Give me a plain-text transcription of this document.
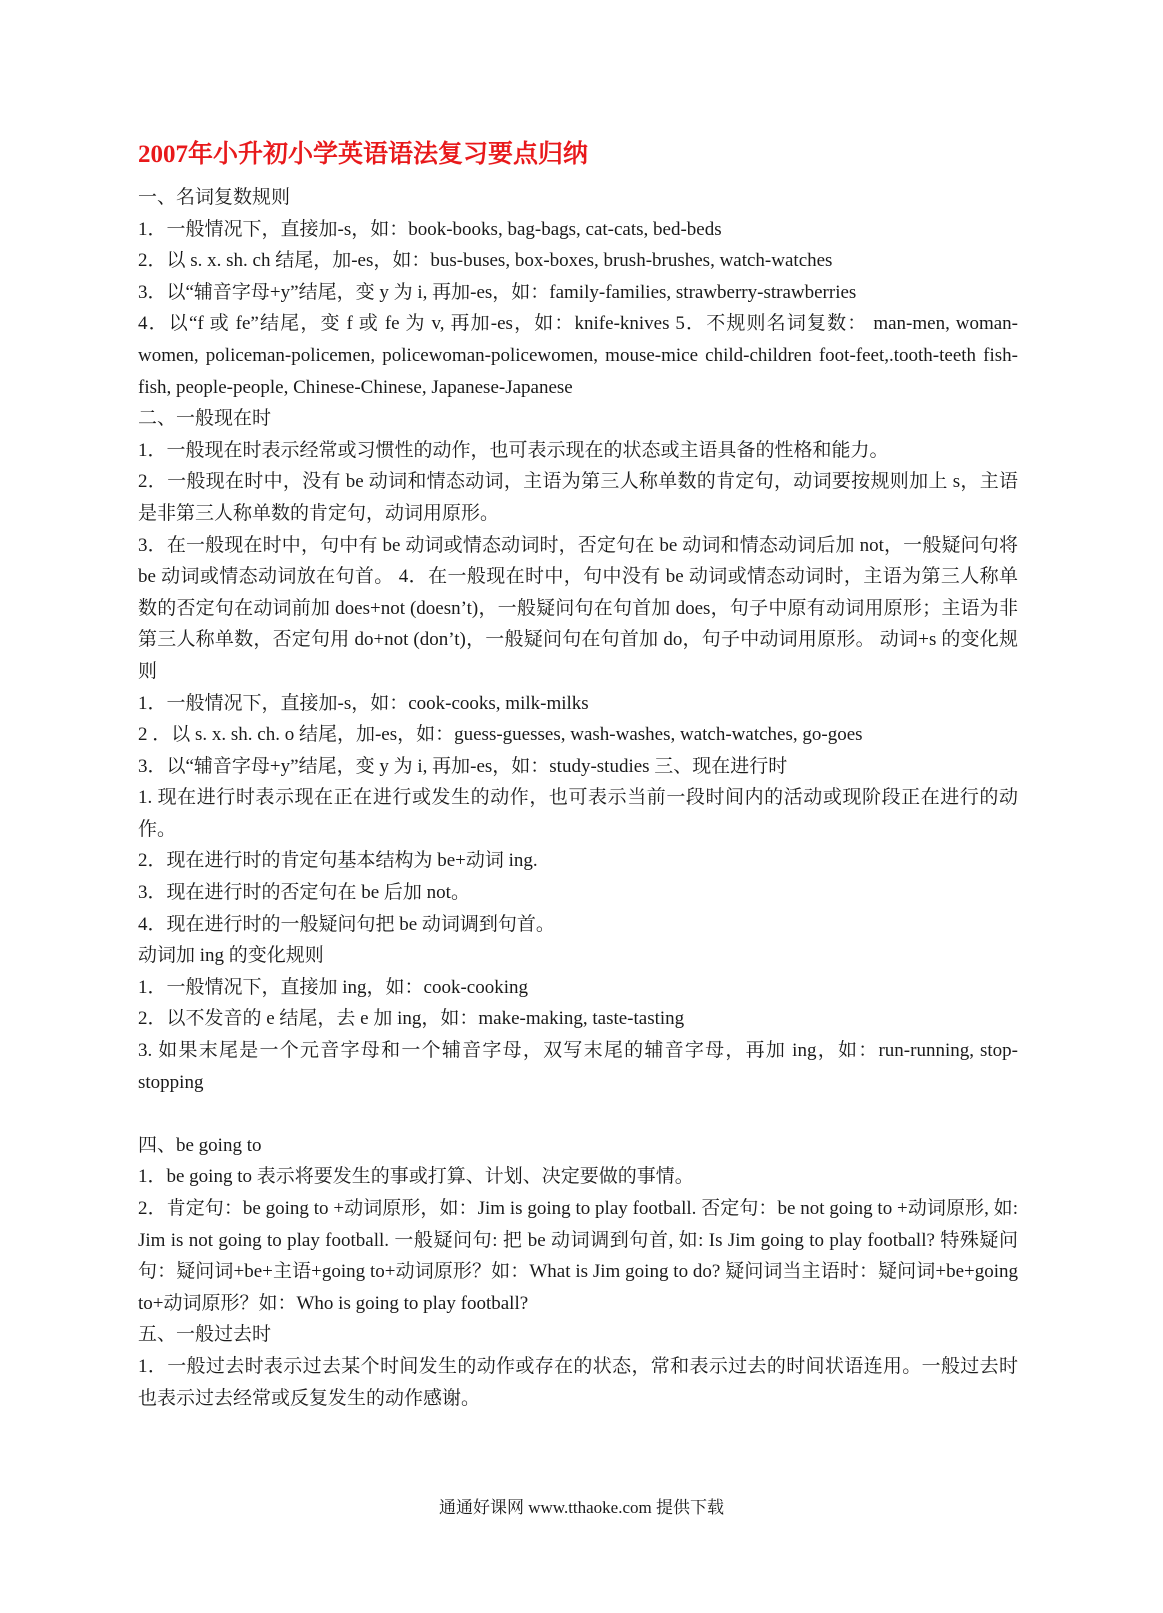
2007年小升初小学英语语法复习要点归纳

一、名词复数规则

1．一般情况下，直接加-s，如：book-books, bag-bags, cat-cats, bed-beds

2．以 s. x. sh. ch 结尾，加-es，如：bus-buses, box-boxes, brush-brushes, watch-watches

3．以“辅音字母+y”结尾，变 y 为 i, 再加-es，如：family-families, strawberry-strawberries

4．以“f 或 fe”结尾，变 f 或 fe 为 v, 再加-es，如：knife-knives 5．不规则名词复数： man-men, woman-women, policeman-policemen, policewoman-policewomen, mouse-mice child-children foot-feet,.tooth-teeth fish-fish, people-people, Chinese-Chinese, Japanese-Japanese

二、一般现在时

1．一般现在时表示经常或习惯性的动作，也可表示现在的状态或主语具备的性格和能力。

2．一般现在时中，没有 be 动词和情态动词，主语为第三人称单数的肯定句，动词要按规则加上 s，主语是非第三人称单数的肯定句，动词用原形。

3．在一般现在时中，句中有 be 动词或情态动词时，否定句在 be 动词和情态动词后加 not，一般疑问句将 be 动词或情态动词放在句首。 4．在一般现在时中，句中没有 be 动词或情态动词时，主语为第三人称单数的否定句在动词前加 does+not (doesn’t)，一般疑问句在句首加 does，句子中原有动词用原形；主语为非第三人称单数，否定句用 do+not (don’t)，一般疑问句在句首加 do，句子中动词用原形。 动词+s 的变化规则

1．一般情况下，直接加-s，如：cook-cooks, milk-milks

2 ．以 s. x. sh. ch. o 结尾，加-es，如：guess-guesses, wash-washes, watch-watches, go-goes

3．以“辅音字母+y”结尾，变 y 为 i, 再加-es，如：study-studies 三、现在进行时

1. 现在进行时表示现在正在进行或发生的动作，也可表示当前一段时间内的活动或现阶段正在进行的动作。

2．现在进行时的肯定句基本结构为 be+动词 ing.

3．现在进行时的否定句在 be 后加 not。

4．现在进行时的一般疑问句把 be 动词调到句首。

动词加 ing 的变化规则

1．一般情况下，直接加 ing，如：cook-cooking

2．以不发音的 e 结尾，去 e 加 ing，如：make-making, taste-tasting

3. 如果末尾是一个元音字母和一个辅音字母，双写末尾的辅音字母，再加 ing，如：run-running, stop-stopping

四、be going to

1．be going to 表示将要发生的事或打算、计划、决定要做的事情。

2．肯定句：be going to +动词原形，如：Jim is going to play football. 否定句：be not going to +动词原形, 如: Jim is not going to play football. 一般疑问句: 把 be 动词调到句首, 如: Is Jim going to play football? 特殊疑问句：疑问词+be+主语+going to+动词原形？如：What is Jim going to do? 疑问词当主语时：疑问词+be+going to+动词原形？如：Who is going to play football?

五、一般过去时

1．一般过去时表示过去某个时间发生的动作或存在的状态，常和表示过去的时间状语连用。一般过去时也表示过去经常或反复发生的动作感谢。

通通好课网 www.tthaoke.com 提供下载
